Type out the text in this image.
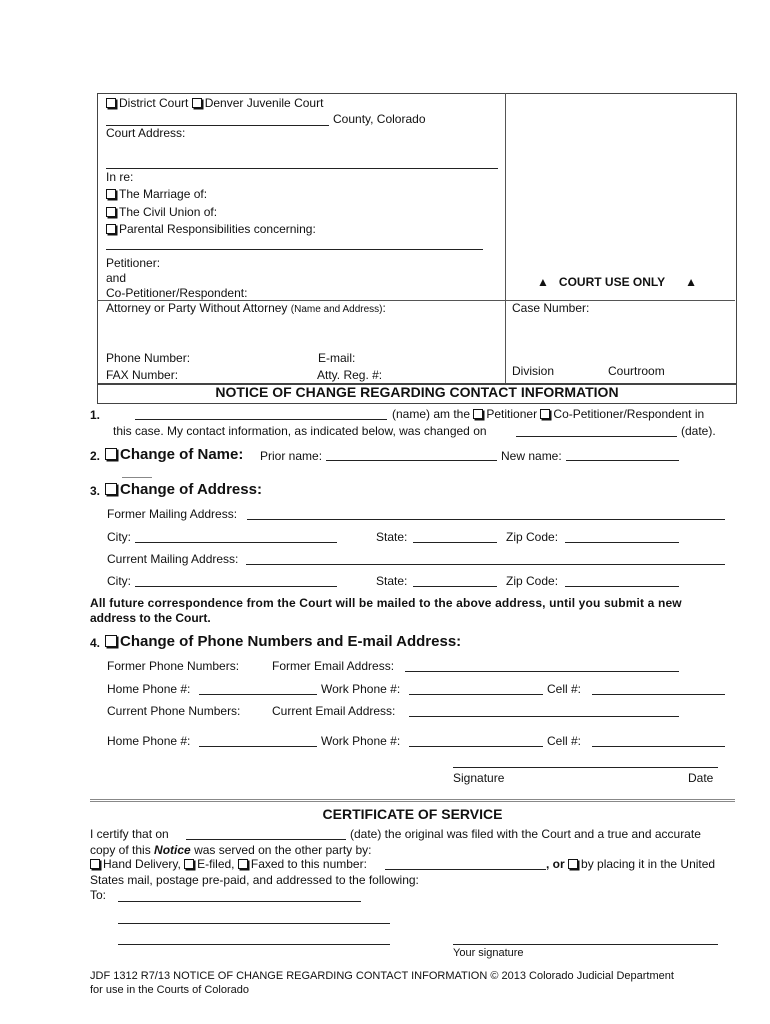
District Court Denver Juvenile Court
County, Colorado
Court Address:
In re:
The Marriage of:
The Civil Union of:
Parental Responsibilities concerning:
Petitioner:
and
Co-Petitioner/Respondent:
▲ COURT USE ONLY ▲
Attorney or Party Without Attorney (Name and Address):	Case Number:
Phone Number:	E-mail:
FAX Number:	Atty. Reg. #:	Division	Courtroom
NOTICE OF CHANGE REGARDING CONTACT INFORMATION
1.	(name) am the Petitioner Co-Petitioner/Respondent in
this case. My contact information, as indicated below, was changed on	(date).
2.	Change of Name: Prior name:	New name:
3.	Change of Address:
Former Mailing Address:
City:	State:	Zip Code:
Current Mailing Address:
City:	State:	Zip Code:
All future correspondence from the Court will be mailed to the above address, until you submit a new
address to the Court.
4.	Change of Phone Numbers and E-mail Address:
Former Phone Numbers:	Former Email Address:
Home Phone #:	Work Phone #:	Cell #:
Current Phone Numbers:	Current Email Address:
Home Phone #:	Work Phone #:	Cell #:
Signature	Date
CERTIFICATE OF SERVICE
I certify that on	(date) the original was filed with the Court and a true and accurate
copy of this Notice was served on the other party by:
Hand Delivery, E-filed, Faxed to this number:	, or by placing it in the United
States mail, postage pre-paid, and addressed to the following:
To:
Your signature
JDF 1312 R7/13 NOTICE OF CHANGE REGARDING CONTACT INFORMATION © 2013 Colorado Judicial Department
for use in the Courts of Colorado
